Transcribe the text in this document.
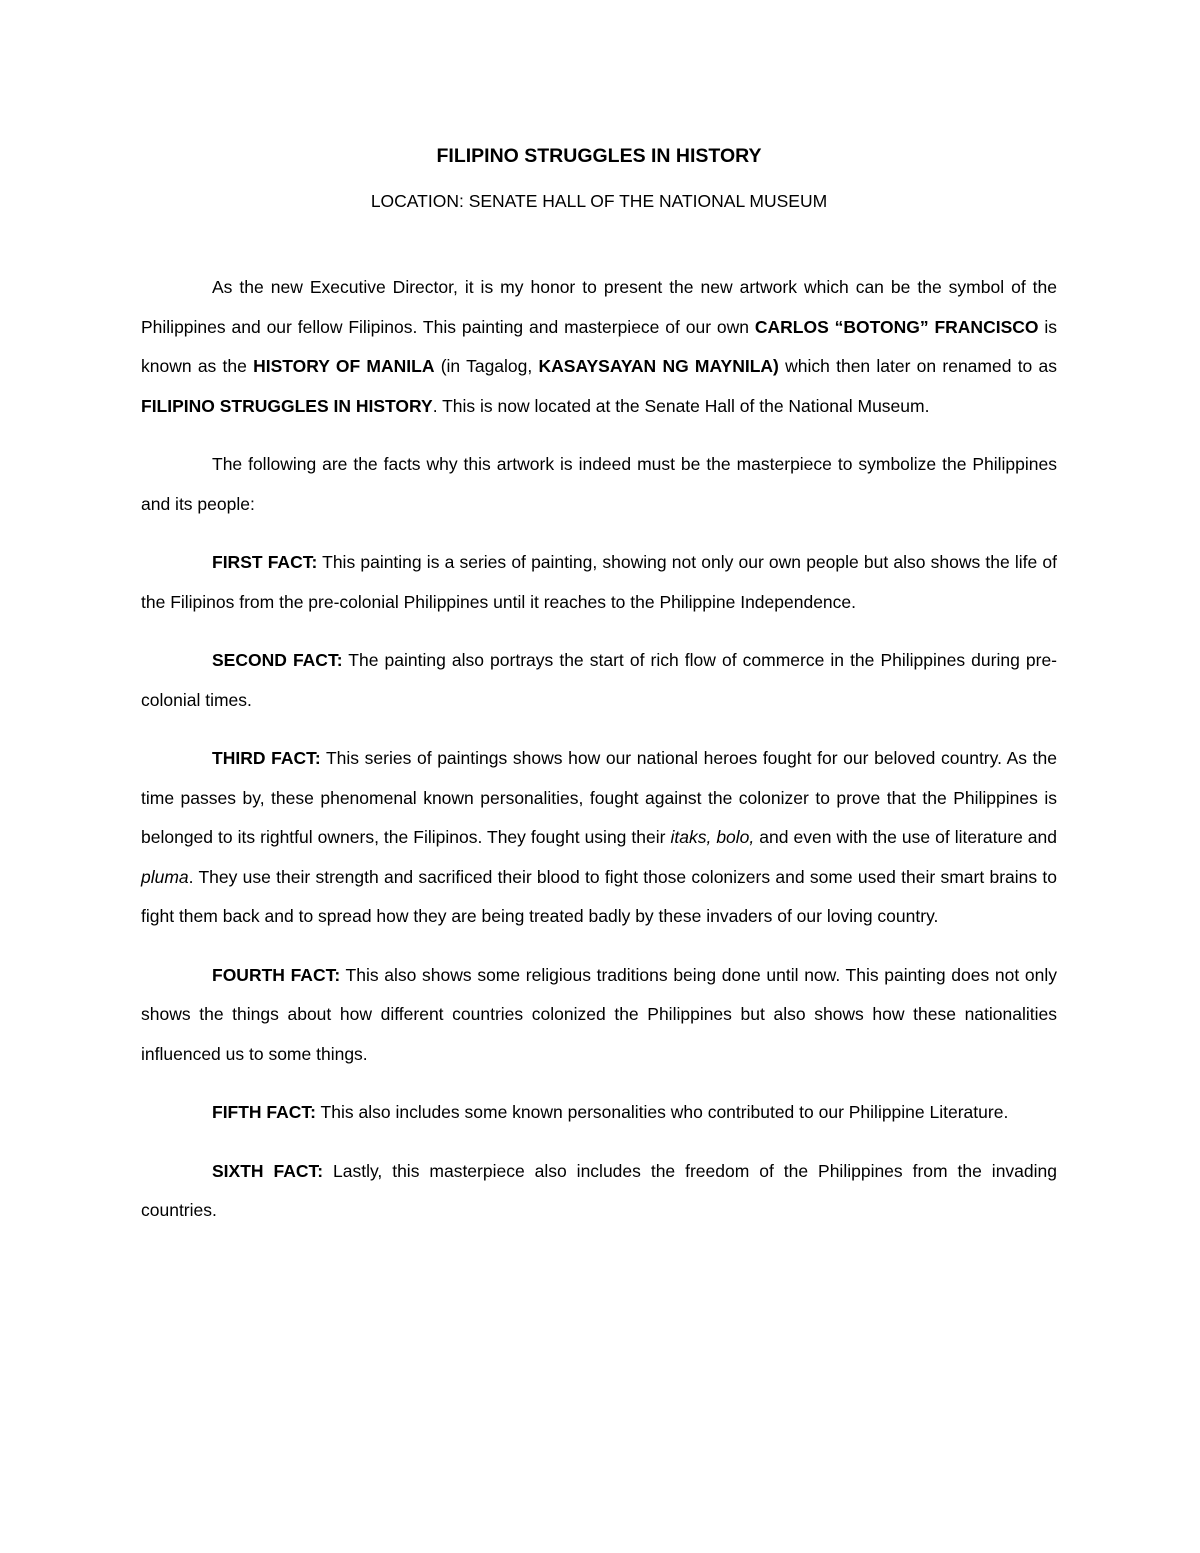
FILIPINO STRUGGLES IN HISTORY
LOCATION: SENATE HALL OF THE NATIONAL MUSEUM

As the new Executive Director, it is my honor to present the new artwork which can be the symbol of the Philippines and our fellow Filipinos. This painting and masterpiece of our own CARLOS “BOTONG” FRANCISCO is known as the HISTORY OF MANILA (in Tagalog, KASAYSAYAN NG MAYNILA) which then later on renamed to as FILIPINO STRUGGLES IN HISTORY. This is now located at the Senate Hall of the National Museum.

The following are the facts why this artwork is indeed must be the masterpiece to symbolize the Philippines and its people:

FIRST FACT: This painting is a series of painting, showing not only our own people but also shows the life of the Filipinos from the pre-colonial Philippines until it reaches to the Philippine Independence.

SECOND FACT: The painting also portrays the start of rich flow of commerce in the Philippines during pre-colonial times.

THIRD FACT: This series of paintings shows how our national heroes fought for our beloved country. As the time passes by, these phenomenal known personalities, fought against the colonizer to prove that the Philippines is belonged to its rightful owners, the Filipinos. They fought using their itaks, bolo, and even with the use of literature and pluma. They use their strength and sacrificed their blood to fight those colonizers and some used their smart brains to fight them back and to spread how they are being treated badly by these invaders of our loving country.

FOURTH FACT: This also shows some religious traditions being done until now. This painting does not only shows the things about how different countries colonized the Philippines but also shows how these nationalities influenced us to some things.

FIFTH FACT: This also includes some known personalities who contributed to our Philippine Literature.

SIXTH FACT: Lastly, this masterpiece also includes the freedom of the Philippines from the invading countries.
